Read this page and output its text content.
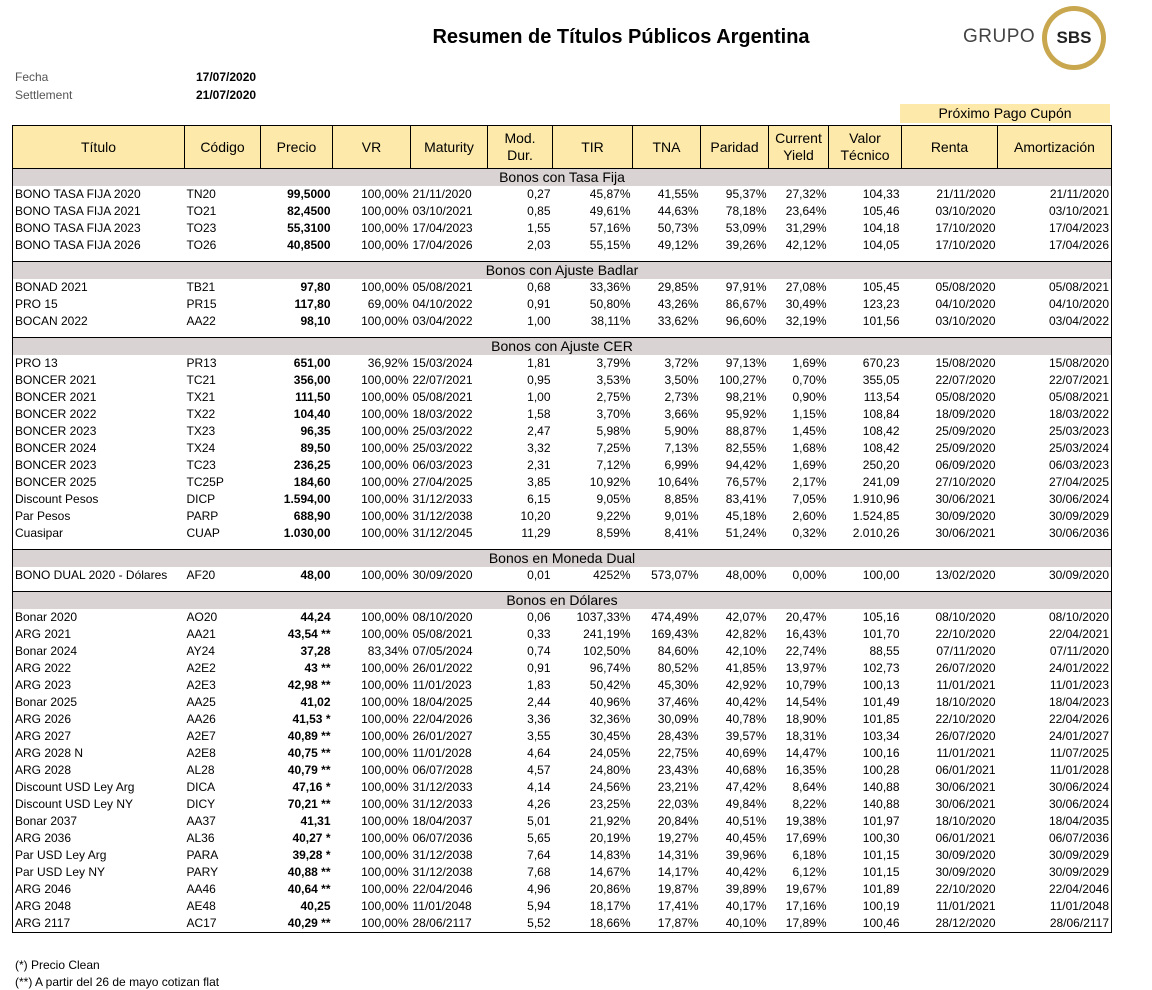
Resumen de Títulos Públicos Argentina	GRUPO	SBS
Fecha	17/07/2020
Settlement	21/07/2020
Próximo Pago Cupón
Título	Código	Precio	VR	Maturity	Mod. Dur.	TIR	TNA	Paridad	Current Yield	Valor Técnico	Renta	Amortización
Bonos con Tasa Fija												
BONO TASA FIJA 2020	TN20	99,5000	100,00%	21/11/2020	0,27	45,87%	41,55%	95,37%	27,32%	104,33	21/11/2020	21/11/2020
BONO TASA FIJA 2021	TO21	82,4500	100,00%	03/10/2021	0,85	49,61%	44,63%	78,18%	23,64%	105,46	03/10/2020	03/10/2021
BONO TASA FIJA 2023	TO23	55,3100	100,00%	17/04/2023	1,55	57,16%	50,73%	53,09%	31,29%	104,18	17/10/2020	17/04/2023
BONO TASA FIJA 2026	TO26	40,8500	100,00%	17/04/2026	2,03	55,15%	49,12%	39,26%	42,12%	104,05	17/10/2020	17/04/2026

Bonos con Ajuste Badlar												
BONAD 2021	TB21	97,80	100,00%	05/08/2021	0,68	33,36%	29,85%	97,91%	27,08%	105,45	05/08/2020	05/08/2021
PRO 15	PR15	117,80	69,00%	04/10/2022	0,91	50,80%	43,26%	86,67%	30,49%	123,23	04/10/2020	04/10/2020
BOCAN 2022	AA22	98,10	100,00%	03/04/2022	1,00	38,11%	33,62%	96,60%	32,19%	101,56	03/10/2020	03/04/2022

Bonos con Ajuste CER												
PRO 13	PR13	651,00	36,92%	15/03/2024	1,81	3,79%	3,72%	97,13%	1,69%	670,23	15/08/2020	15/08/2020
BONCER 2021	TC21	356,00	100,00%	22/07/2021	0,95	3,53%	3,50%	100,27%	0,70%	355,05	22/07/2020	22/07/2021
BONCER 2021	TX21	111,50	100,00%	05/08/2021	1,00	2,75%	2,73%	98,21%	0,90%	113,54	05/08/2020	05/08/2021
BONCER 2022	TX22	104,40	100,00%	18/03/2022	1,58	3,70%	3,66%	95,92%	1,15%	108,84	18/09/2020	18/03/2022
BONCER 2023	TX23	96,35	100,00%	25/03/2022	2,47	5,98%	5,90%	88,87%	1,45%	108,42	25/09/2020	25/03/2023
BONCER 2024	TX24	89,50	100,00%	25/03/2022	3,32	7,25%	7,13%	82,55%	1,68%	108,42	25/09/2020	25/03/2024
BONCER 2023	TC23	236,25	100,00%	06/03/2023	2,31	7,12%	6,99%	94,42%	1,69%	250,20	06/09/2020	06/03/2023
BONCER 2025	TC25P	184,60	100,00%	27/04/2025	3,85	10,92%	10,64%	76,57%	2,17%	241,09	27/10/2020	27/04/2025
Discount Pesos	DICP	1.594,00	100,00%	31/12/2033	6,15	9,05%	8,85%	83,41%	7,05%	1.910,96	30/06/2021	30/06/2024
Par Pesos	PARP	688,90	100,00%	31/12/2038	10,20	9,22%	9,01%	45,18%	2,60%	1.524,85	30/09/2020	30/09/2029
Cuasipar	CUAP	1.030,00	100,00%	31/12/2045	11,29	8,59%	8,41%	51,24%	0,32%	2.010,26	30/06/2021	30/06/2036

Bonos en Moneda Dual												
BONO DUAL 2020 - Dólares	AF20	48,00	100,00%	30/09/2020	0,01	4252%	573,07%	48,00%	0,00%	100,00	13/02/2020	30/09/2020

Bonos en Dólares												
Bonar 2020	AO20	44,24	100,00%	08/10/2020	0,06	1037,33%	474,49%	42,07%	20,47%	105,16	08/10/2020	08/10/2020
ARG 2021	AA21	43,54 **	100,00%	05/08/2021	0,33	241,19%	169,43%	42,82%	16,43%	101,70	22/10/2020	22/04/2021
Bonar 2024	AY24	37,28	83,34%	07/05/2024	0,74	102,50%	84,60%	42,10%	22,74%	88,55	07/11/2020	07/11/2020
ARG 2022	A2E2	43 **	100,00%	26/01/2022	0,91	96,74%	80,52%	41,85%	13,97%	102,73	26/07/2020	24/01/2022
ARG 2023	A2E3	42,98 **	100,00%	11/01/2023	1,83	50,42%	45,30%	42,92%	10,79%	100,13	11/01/2021	11/01/2023
Bonar 2025	AA25	41,02	100,00%	18/04/2025	2,44	40,96%	37,46%	40,42%	14,54%	101,49	18/10/2020	18/04/2023
ARG 2026	AA26	41,53 *	100,00%	22/04/2026	3,36	32,36%	30,09%	40,78%	18,90%	101,85	22/10/2020	22/04/2026
ARG 2027	A2E7	40,89 **	100,00%	26/01/2027	3,55	30,45%	28,43%	39,57%	18,31%	103,34	26/07/2020	24/01/2027
ARG 2028 N	A2E8	40,75 **	100,00%	11/01/2028	4,64	24,05%	22,75%	40,69%	14,47%	100,16	11/01/2021	11/07/2025
ARG 2028	AL28	40,79 **	100,00%	06/07/2028	4,57	24,80%	23,43%	40,68%	16,35%	100,28	06/01/2021	11/01/2028
Discount USD Ley Arg	DICA	47,16 *	100,00%	31/12/2033	4,14	24,56%	23,21%	47,42%	8,64%	140,88	30/06/2021	30/06/2024
Discount USD Ley NY	DICY	70,21 **	100,00%	31/12/2033	4,26	23,25%	22,03%	49,84%	8,22%	140,88	30/06/2021	30/06/2024
Bonar 2037	AA37	41,31	100,00%	18/04/2037	5,01	21,92%	20,84%	40,51%	19,38%	101,97	18/10/2020	18/04/2035
ARG 2036	AL36	40,27 *	100,00%	06/07/2036	5,65	20,19%	19,27%	40,45%	17,69%	100,30	06/01/2021	06/07/2036
Par USD Ley Arg	PARA	39,28 *	100,00%	31/12/2038	7,64	14,83%	14,31%	39,96%	6,18%	101,15	30/09/2020	30/09/2029
Par USD Ley NY	PARY	40,88 **	100,00%	31/12/2038	7,68	14,67%	14,17%	40,42%	6,12%	101,15	30/09/2020	30/09/2029
ARG 2046	AA46	40,64 **	100,00%	22/04/2046	4,96	20,86%	19,87%	39,89%	19,67%	101,89	22/10/2020	22/04/2046
ARG 2048	AE48	40,25	100,00%	11/01/2048	5,94	18,17%	17,41%	40,17%	17,16%	100,19	11/01/2021	11/01/2048
ARG 2117	AC17	40,29 **	100,00%	28/06/2117	5,52	18,66%	17,87%	40,10%	17,89%	100,46	28/12/2020	28/06/2117
(*) Precio Clean
(**) A partir del 26 de mayo cotizan flat
